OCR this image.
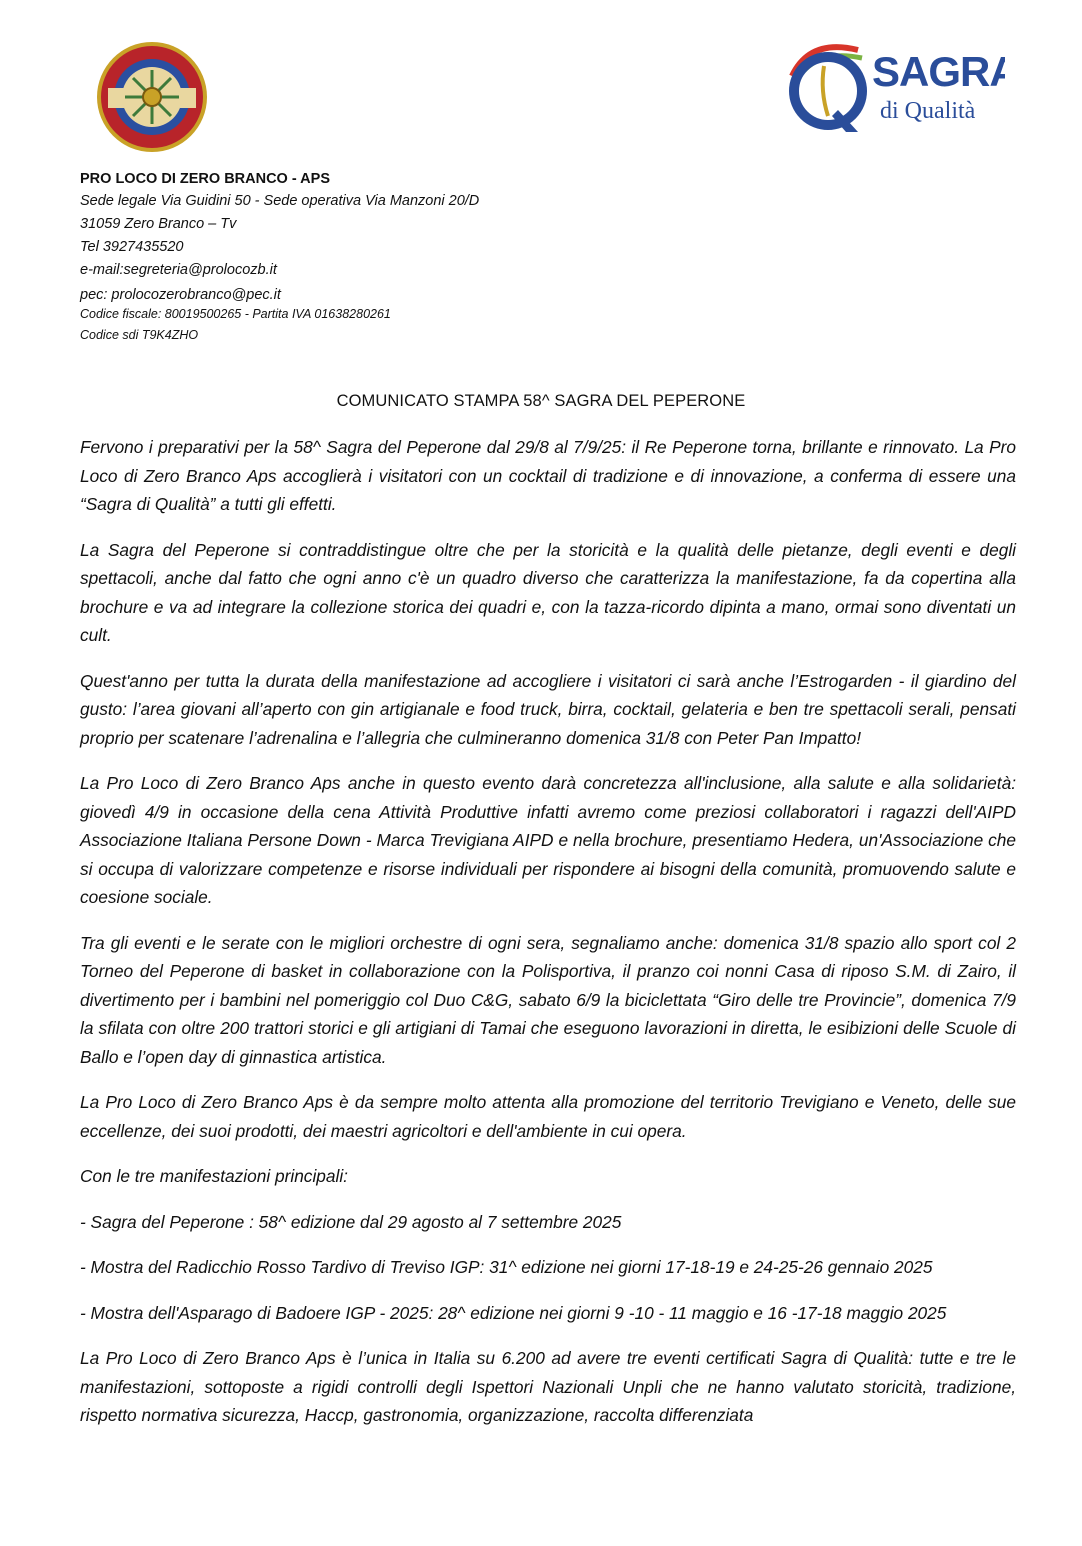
SAGRA
di Qualità

PRO LOCO DI ZERO BRANCO - APS

Sede legale Via Guidini 50 - Sede operativa Via Manzoni 20/D

31059 Zero Branco – Tv

Tel 3927435520

e-mail:segreteria@prolocozb.it

pec: prolocozerobranco@pec.it

Codice fiscale: 80019500265 - Partita IVA 01638280261

Codice sdi T9K4ZHO

COMUNICATO STAMPA 58^ SAGRA DEL PEPERONE

Fervono i preparativi per la 58^ Sagra del Peperone dal 29/8 al 7/9/25: il Re Peperone torna, brillante e rinnovato. La Pro Loco di Zero Branco Aps accoglierà i visitatori con un cocktail di tradizione e di innovazione, a conferma di essere una “Sagra di Qualità” a tutti gli effetti.

La Sagra del Peperone si contraddistingue oltre che per la storicità e la qualità delle pietanze, degli eventi e degli spettacoli, anche dal fatto che ogni anno c'è un quadro diverso che caratterizza la manifestazione, fa da copertina alla brochure e va ad integrare la collezione storica dei quadri e, con la tazza-ricordo dipinta a mano, ormai sono diventati un cult.

Quest'anno per tutta la durata della manifestazione ad accogliere i visitatori ci sarà anche l’Estrogarden - il giardino del gusto: l’area giovani all’aperto con gin artigianale e food truck, birra, cocktail, gelateria e ben tre spettacoli serali, pensati proprio per scatenare l’adrenalina e l’allegria che culmineranno domenica 31/8 con Peter Pan Impatto!

La Pro Loco di Zero Branco Aps anche in questo evento darà concretezza all'inclusione, alla salute e alla solidarietà: giovedì 4/9 in occasione della cena Attività Produttive infatti avremo come preziosi collaboratori i ragazzi dell'AIPD Associazione Italiana Persone Down - Marca Trevigiana AIPD e nella brochure, presentiamo Hedera, un'Associazione che si occupa di valorizzare competenze e risorse individuali per rispondere ai bisogni della comunità, promuovendo salute e coesione sociale.

Tra gli eventi e le serate con le migliori orchestre di ogni sera, segnaliamo anche: domenica 31/8 spazio allo sport col 2 Torneo del Peperone di basket in collaborazione con la Polisportiva, il pranzo coi nonni Casa di riposo S.M. di Zairo, il divertimento per i bambini nel pomeriggio col Duo C&G, sabato 6/9 la biciclettata “Giro delle tre Provincie”, domenica 7/9 la sfilata con oltre 200 trattori storici e gli artigiani di Tamai che eseguono lavorazioni in diretta, le esibizioni delle Scuole di Ballo e l’open day di ginnastica artistica.

La Pro Loco di Zero Branco Aps è da sempre molto attenta alla promozione del territorio Trevigiano e Veneto, delle sue eccellenze, dei suoi prodotti, dei maestri agricoltori e dell'ambiente in cui opera.

Con le tre manifestazioni principali:

- Sagra del Peperone : 58^ edizione dal 29 agosto al 7 settembre 2025

- Mostra del Radicchio Rosso Tardivo di Treviso IGP: 31^ edizione nei giorni 17-18-19 e 24-25-26 gennaio 2025

- Mostra dell'Asparago di Badoere IGP - 2025: 28^ edizione nei giorni 9 -10 - 11 maggio e 16 -17-18 maggio 2025

La Pro Loco di Zero Branco Aps è l’unica in Italia su 6.200 ad avere tre eventi certificati Sagra di Qualità: tutte e tre le manifestazioni, sottoposte a rigidi controlli degli Ispettori Nazionali Unpli che ne hanno valutato storicità, tradizione, rispetto normativa sicurezza, Haccp, gastronomia, organizzazione, raccolta differenziata
